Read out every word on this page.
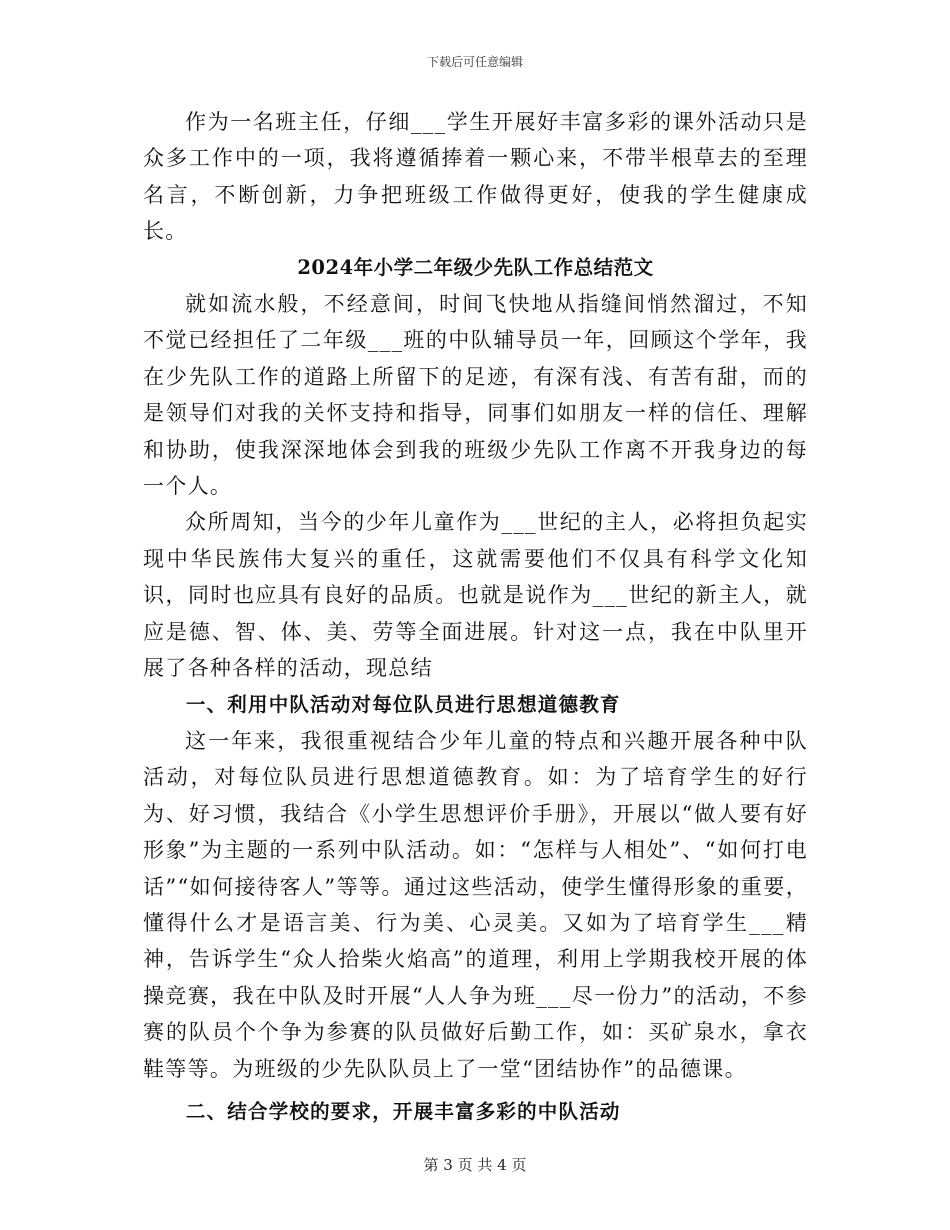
下载后可任意编辑

作为一名班主任，仔细___学生开展好丰富多彩的课外活动只是众多工作中的一项，我将遵循捧着一颗心来，不带半根草去的至理名言，不断创新，力争把班级工作做得更好，使我的学生健康成长。

2024年小学二年级少先队工作总结范文

就如流水般，不经意间，时间飞快地从指缝间悄然溜过，不知不觉已经担任了二年级___班的中队辅导员一年，回顾这个学年，我在少先队工作的道路上所留下的足迹，有深有浅、有苦有甜，而的是领导们对我的关怀支持和指导，同事们如朋友一样的信任、理解和协助，使我深深地体会到我的班级少先队工作离不开我身边的每一个人。

众所周知，当今的少年儿童作为___世纪的主人，必将担负起实现中华民族伟大复兴的重任，这就需要他们不仅具有科学文化知识，同时也应具有良好的品质。也就是说作为___世纪的新主人，就应是德、智、体、美、劳等全面进展。针对这一点，我在中队里开展了各种各样的活动，现总结

一、利用中队活动对每位队员进行思想道德教育

这一年来，我很重视结合少年儿童的特点和兴趣开展各种中队活动，对每位队员进行思想道德教育。如：为了培育学生的好行为、好习惯，我结合《小学生思想评价手册》，开展以“做人要有好形象”为主题的一系列中队活动。如：“怎样与人相处”、“如何打电话”“如何接待客人”等等。通过这些活动，使学生懂得形象的重要，懂得什么才是语言美、行为美、心灵美。又如为了培育学生___精神，告诉学生“众人拾柴火焰高”的道理，利用上学期我校开展的体操竞赛，我在中队及时开展“人人争为班___尽一份力”的活动，不参赛的队员个个争为参赛的队员做好后勤工作，如：买矿泉水，拿衣鞋等等。为班级的少先队队员上了一堂“团结协作”的品德课。

二、结合学校的要求，开展丰富多彩的中队活动

第 3 页 共 4 页
